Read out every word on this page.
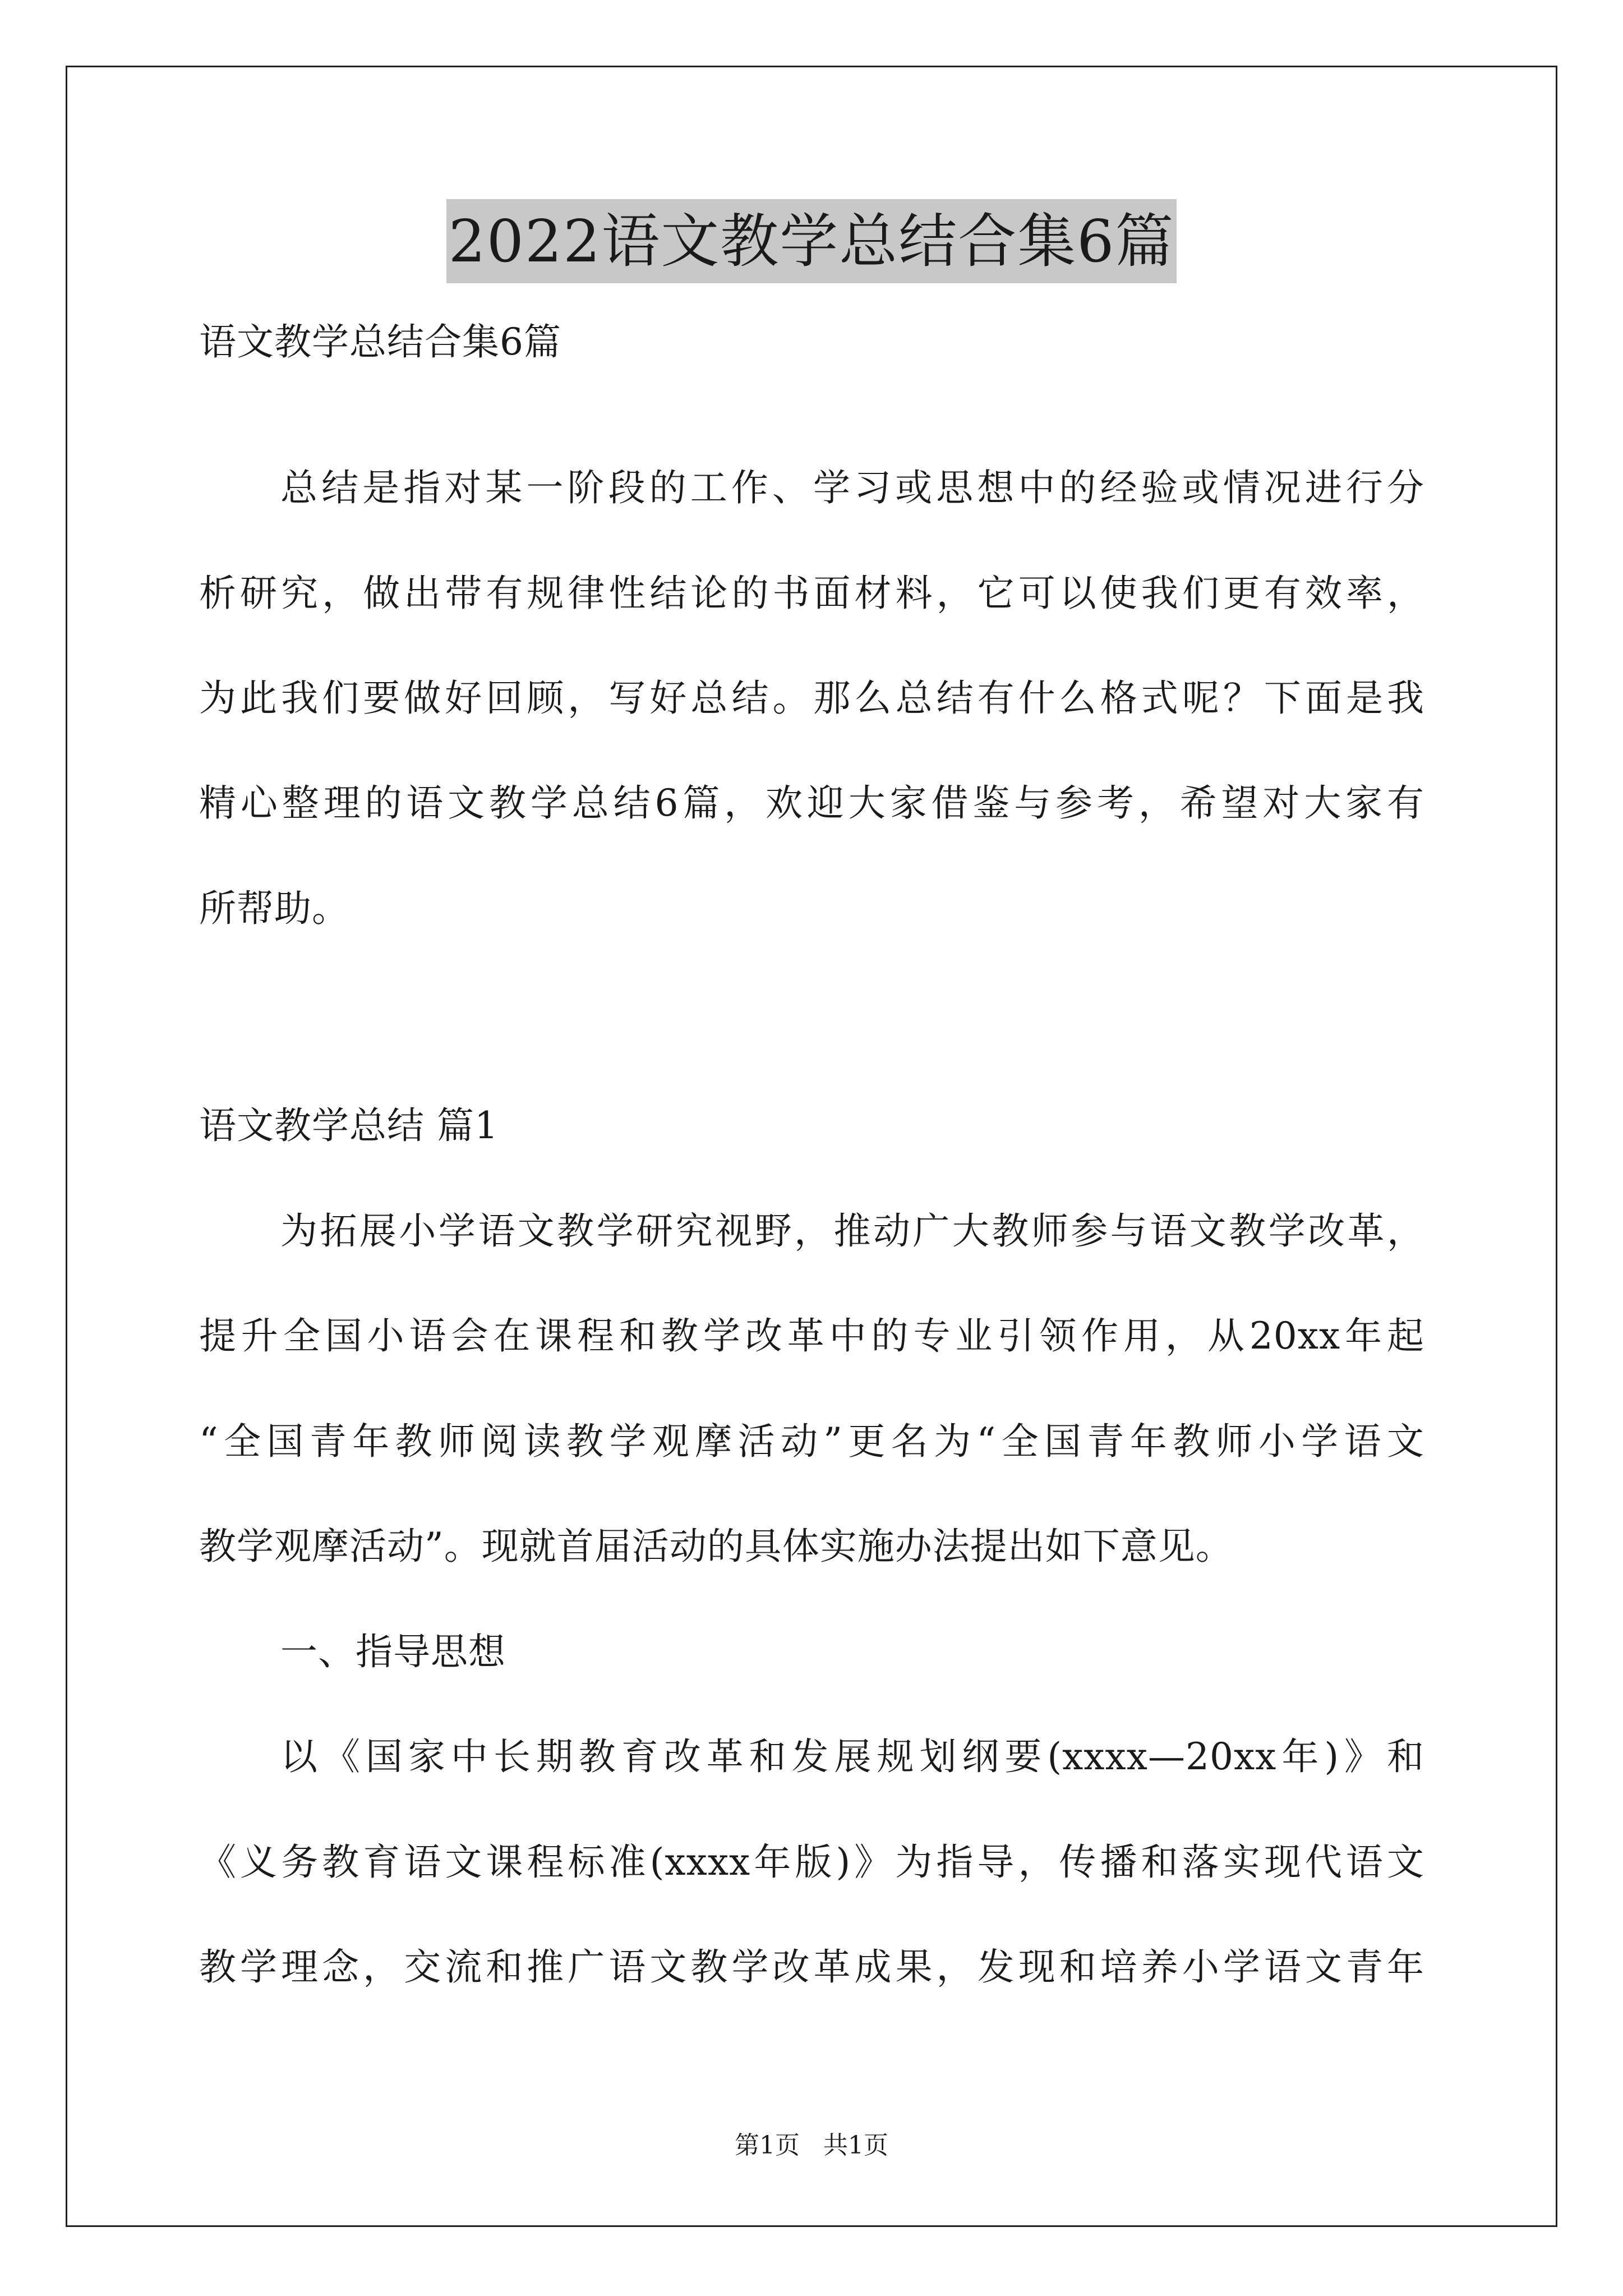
2022语文教学总结合集6篇
语文教学总结合集6篇
总结是指对某一阶段的工作、学习或思想中的经验或情况进行分
析研究，做出带有规律性结论的书面材料，它可以使我们更有效率，
为此我们要做好回顾，写好总结。那么总结有什么格式呢？下面是我
精心整理的语文教学总结6篇，欢迎大家借鉴与参考，希望对大家有
所帮助。
语文教学总结 篇1
为拓展小学语文教学研究视野，推动广大教师参与语文教学改革，
提升全国小语会在课程和教学改革中的专业引领作用，从20xx年起
“全国青年教师阅读教学观摩活动”更名为“全国青年教师小学语文
教学观摩活动”。现就首届活动的具体实施办法提出如下意见。
一、指导思想
以《国家中长期教育改革和发展规划纲要(xxxx—20xx年)》和
《义务教育语文课程标准(xxxx年版)》为指导，传播和落实现代语文
教学理念，交流和推广语文教学改革成果，发现和培养小学语文青年
第1页 共1页
